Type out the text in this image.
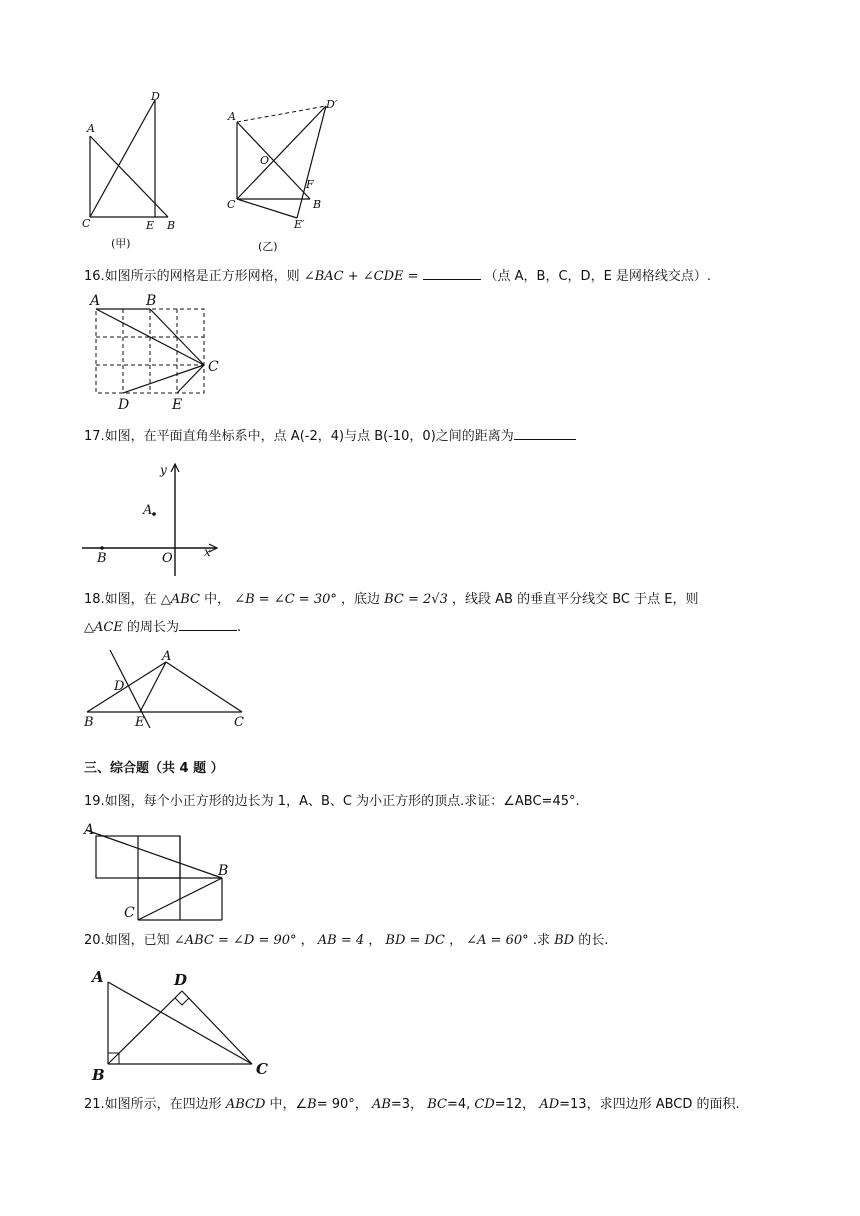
A
D
C	E B
(甲)
A
D′
O
F
C	B
E′
(乙)
16.如图所示的网格是正方形网格，则 ∠BAC + ∠CDE =	（点 A，B，C，D，E 是网格线交点）.
A	B
C
D	E
17.如图，在平面直角坐标系中，点 A(-2，4)与点 B(-10，0)之间的距离为
y
x
O
A
B
18.如图，在 △ABC 中， ∠B = ∠C = 30° ，底边 BC = 2√3 ，线段 AB 的垂直平分线交 BC 于点 E，则
△ACE 的周长为	.
A
D
B	E	C
三、综合题（共 4 题 ）
19.如图，每个小正方形的边长为 1，A、B、C 为小正方形的顶点.求证：∠ABC=45°.
A
B
C
20.如图，已知 ∠ABC = ∠D = 90° ， AB = 4 ， BD = DC ， ∠A = 60° .求 BD 的长.
A	D
B	C
21.如图所示，在四边形 ABCD 中，∠B= 90°， AB=3， BC=4, CD=12， AD=13，求四边形 ABCD 的面积.
